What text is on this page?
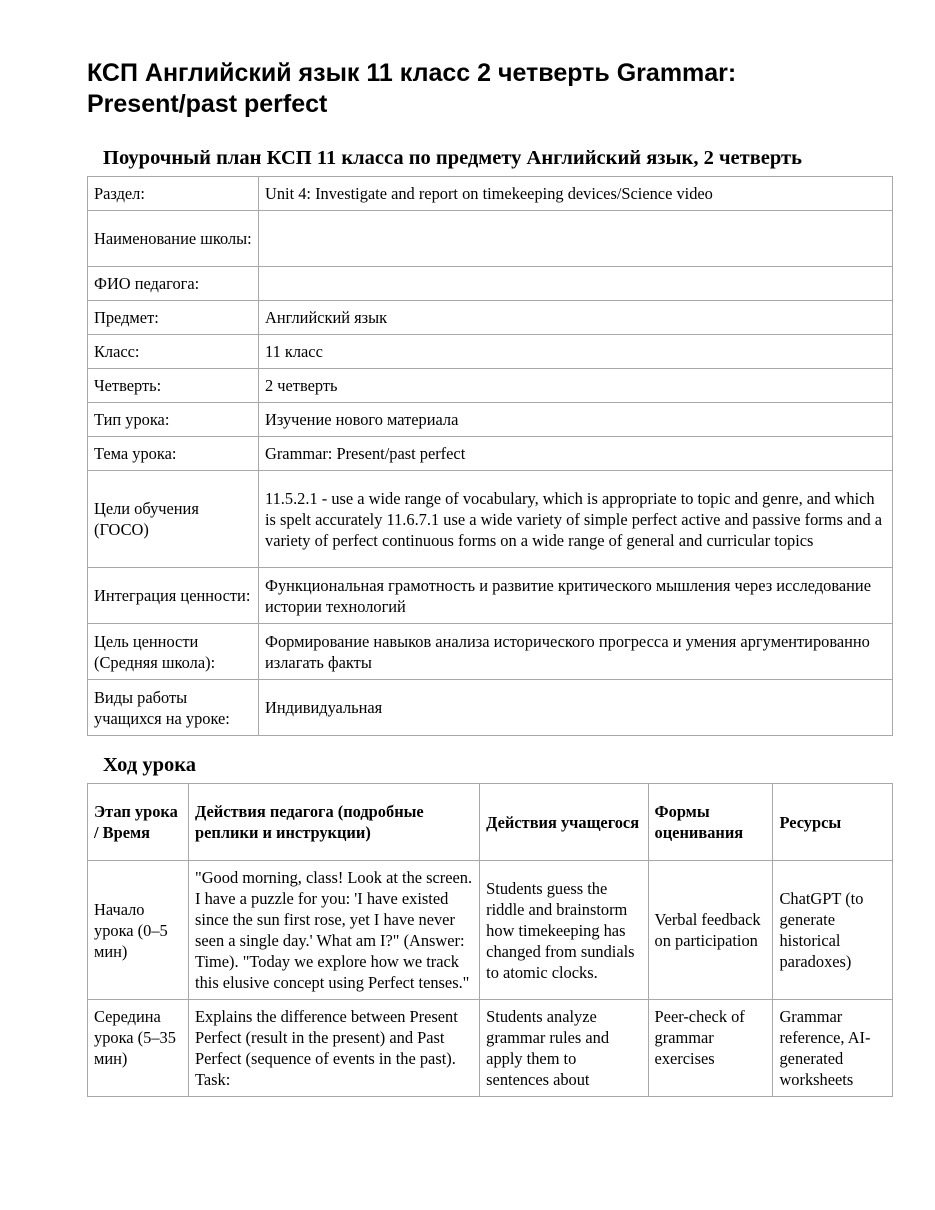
КСП Английский язык 11 класс 2 четверть Grammar: Present/past perfect
Поурочный план КСП 11 класса по предмету Английский язык, 2 четверть
Раздел:	Unit 4: Investigate and report on timekeeping devices/Science video
Наименование школы:	
ФИО педагога:	
Предмет:	Английский язык
Класс:	11 класс
Четверть:	2 четверть
Тип урока:	Изучение нового материала
Тема урока:	Grammar: Present/past perfect
Цели обучения (ГОСО)	11.5.2.1 - use a wide range of vocabulary, which is appropriate to topic and genre, and which is spelt accurately 11.6.7.1 use a wide variety of simple perfect active and passive forms and a variety of perfect continuous forms on a wide range of general and curricular topics
Интеграция ценности:	Функциональная грамотность и развитие критического мышления через исследование истории технологий
Цель ценности (Средняя школа):	Формирование навыков анализа исторического прогресса и умения аргументированно излагать факты
Виды работы учащихся на уроке:	Индивидуальная
Ход урока
Этап урока / Время	Действия педагога (подробные реплики и инструкции)	Действия учащегося	Формы оценивания	Ресурсы
Начало урока (0–5 мин)	"Good morning, class! Look at the screen. I have a puzzle for you: 'I have existed since the sun first rose, yet I have never seen a single day.' What am I?" (Answer: Time). "Today we explore how we track this elusive concept using Perfect tenses."	Students guess the riddle and brainstorm how timekeeping has changed from sundials to atomic clocks.	Verbal feedback on participation	ChatGPT (to generate historical paradoxes)
Середина урока (5–35 мин)	Explains the difference between Present Perfect (result in the present) and Past Perfect (sequence of events in the past). Task:	Students analyze grammar rules and apply them to sentences about	Peer-check of grammar exercises	Grammar reference, AI-generated worksheets
